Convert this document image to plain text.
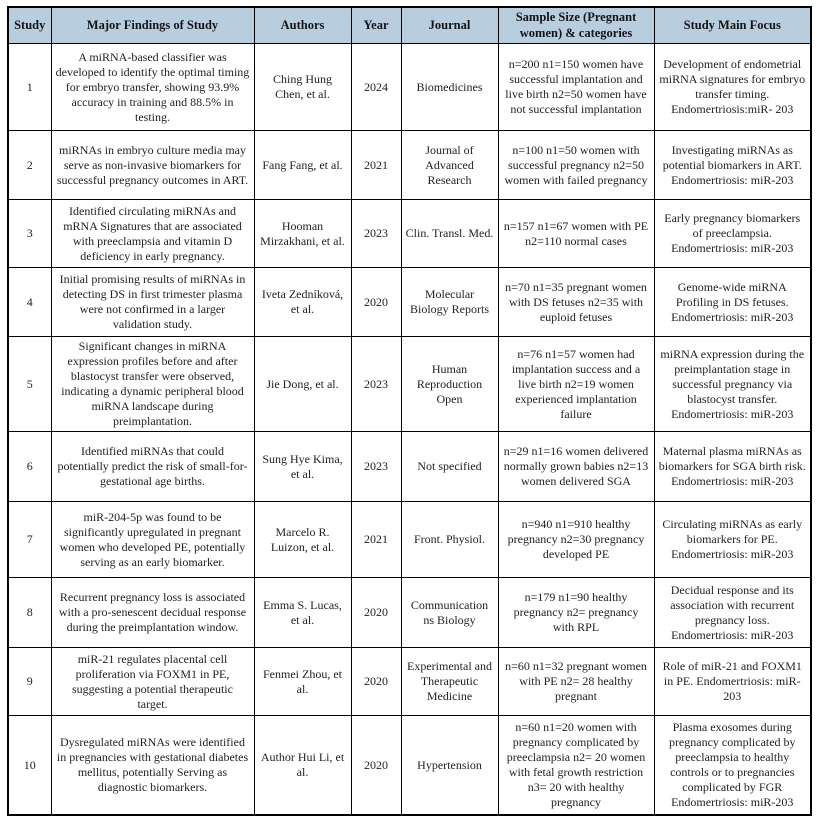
Study	Major Findings of Study	Authors	Year	Journal	Sample Size (Pregnant women) & categories	Study Main Focus
1	A miRNA-based classifier was developed to identify the optimal timing for embryo transfer, showing 93.9% accuracy in training and 88.5% in testing.	Ching Hung Chen, et al.	2024	Biomedicines	n=200 n1=150 women have successful implantation and live birth n2=50 women have not successful implantation	Development of endometrial miRNA signatures for embryo transfer timing. Endomertriosis:miR- 203
2	miRNAs in embryo culture media may serve as non-invasive biomarkers for successful pregnancy outcomes in ART.	Fang Fang, et al.	2021	Journal of Advanced Research	n=100 n1=50 women with successful pregnancy n2=50 women with failed pregnancy	Investigating miRNAs as potential biomarkers in ART. Endomertriosis: miR-203
3	Identified circulating miRNAs and mRNA Signatures that are associated with preeclampsia and vitamin D deficiency in early pregnancy.	Hooman Mirzakhani, et al.	2023	Clin. Transl. Med.	n=157 n1=67 women with PE n2=110 normal cases	Early pregnancy biomarkers of preeclampsia. Endomertriosis: miR-203
4	Initial promising results of miRNAs in detecting DS in first trimester plasma were not confirmed in a larger validation study.	Iveta Zedníková, et al.	2020	Molecular Biology Reports	n=70 n1=35 pregnant women with DS fetuses n2=35 with euploid fetuses	Genome-wide miRNA Profiling in DS fetuses. Endomertriosis: miR-203
5	Significant changes in miRNA expression profiles before and after blastocyst transfer were observed, indicating a dynamic peripheral blood miRNA landscape during preimplantation.	Jie Dong, et al.	2023	Human Reproduction Open	n=76 n1=57 women had implantation success and a live birth n2=19 women experienced implantation failure	miRNA expression during the preimplantation stage in successful pregnancy via blastocyst transfer. Endomertriosis: miR-203
6	Identified miRNAs that could potentially predict the risk of small-for-gestational age births.	Sung Hye Kima, et al.	2023	Not specified	n=29 n1=16 women delivered normally grown babies n2=13 women delivered SGA	Maternal plasma miRNAs as biomarkers for SGA birth risk. Endomertriosis: miR-203
7	miR-204-5p was found to be significantly upregulated in pregnant women who developed PE, potentially serving as an early biomarker.	Marcelo R. Luizon, et al.	2021	Front. Physiol.	n=940 n1=910 healthy pregnancy n2=30 pregnancy developed PE	Circulating miRNAs as early biomarkers for PE. Endomertriosis: miR-203
8	Recurrent pregnancy loss is associated with a pro-senescent decidual response during the preimplantation window.	Emma S. Lucas, et al.	2020	Communication ns Biology	n=179 n1=90 healthy pregnancy n2= pregnancy with RPL	Decidual response and its association with recurrent pregnancy loss. Endomertriosis: miR-203
9	miR-21 regulates placental cell proliferation via FOXM1 in PE, suggesting a potential therapeutic target.	Fenmei Zhou, et al.	2020	Experimental and Therapeutic Medicine	n=60 n1=32 pregnant women with PE n2= 28 healthy pregnant	Role of miR-21 and FOXM1 in PE. Endomertriosis: miR-203
10	Dysregulated miRNAs were identified in pregnancies with gestational diabetes mellitus, potentially Serving as diagnostic biomarkers.	Author Hui Li, et al.	2020	Hypertension	n=60 n1=20 women with pregnancy complicated by preeclampsia n2= 20 women with fetal growth restriction n3= 20 with healthy pregnancy	Plasma exosomes during pregnancy complicated by preeclampsia to healthy controls or to pregnancies complicated by FGR Endomertriosis: miR-203
